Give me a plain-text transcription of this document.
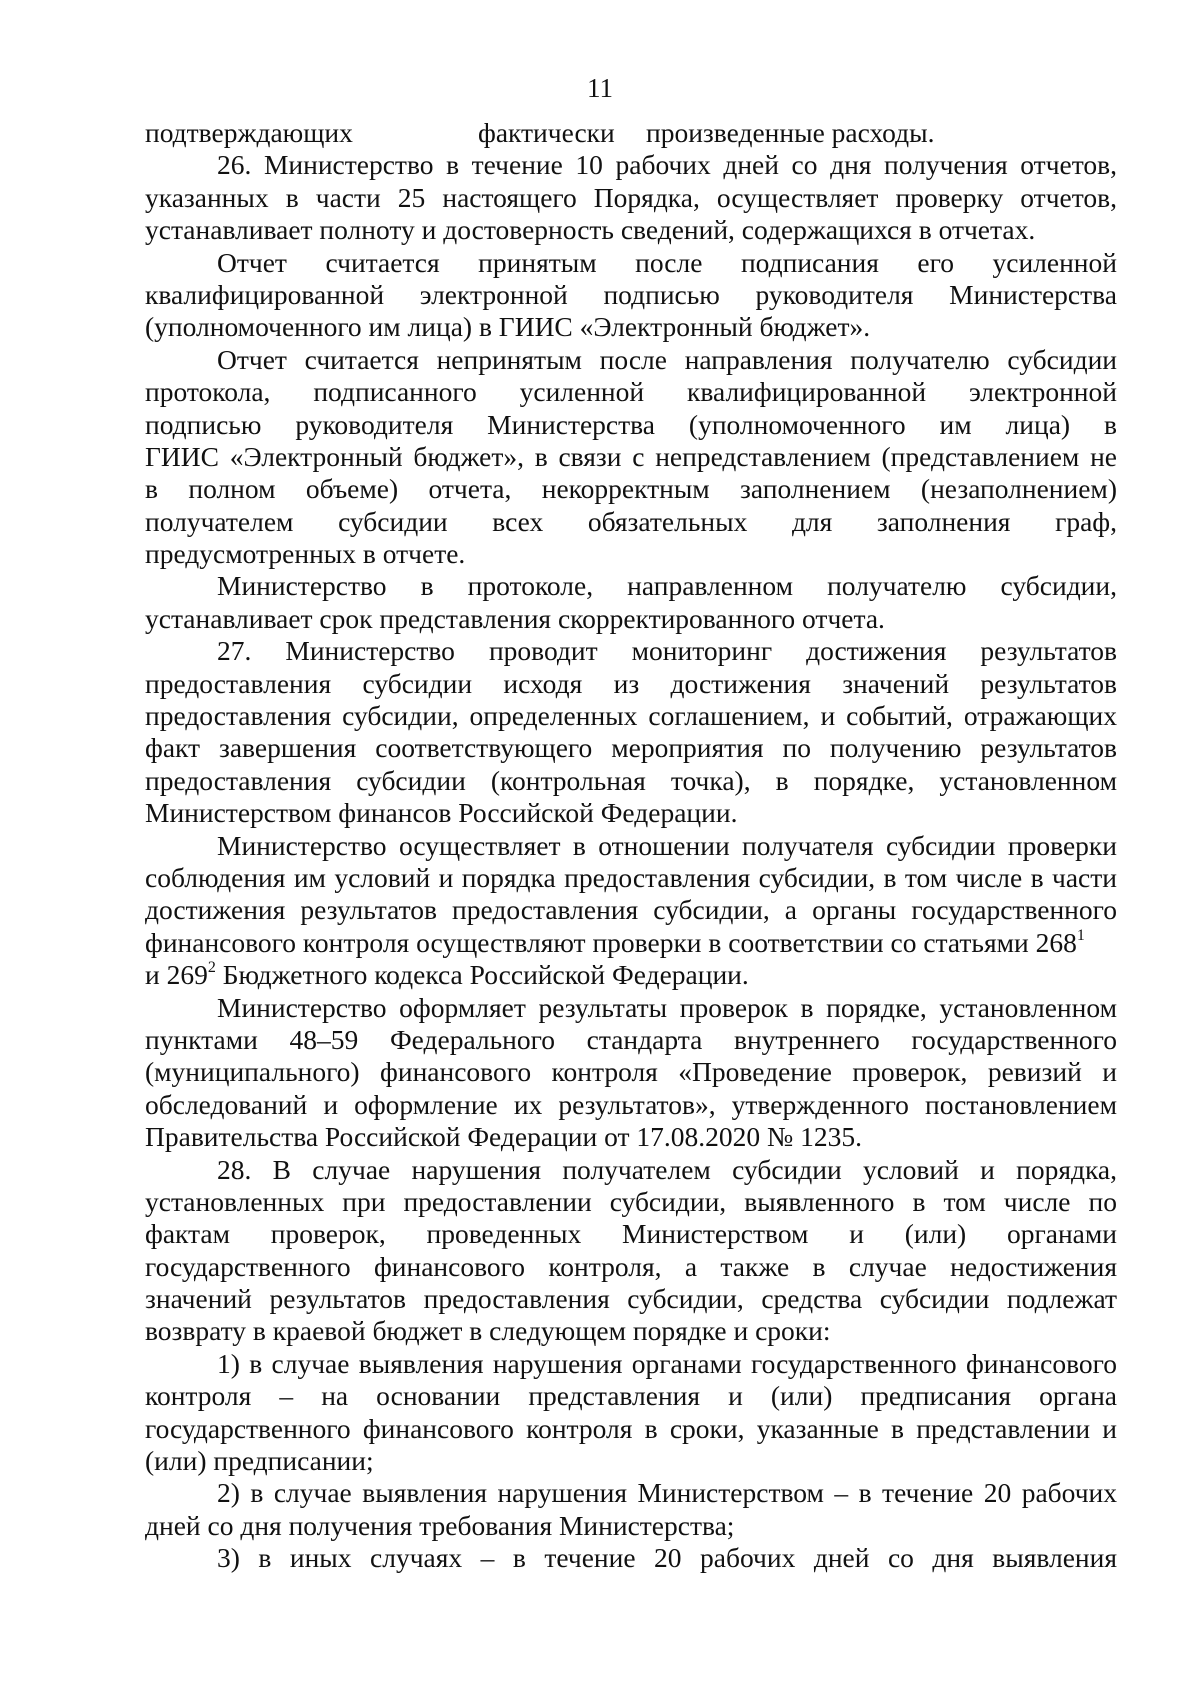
11
подтверждающих	фактически произведенные расходы.
26. Министерство в течение 10 рабочих дней со дня получения отчетов,
указанных в части 25 настоящего Порядка, осуществляет проверку отчетов,
устанавливает полноту и достоверность сведений, содержащихся в отчетах.
Отчет считается принятым после подписания его усиленной
квалифицированной электронной подписью руководителя Министерства
(уполномоченного им лица) в ГИИС «Электронный бюджет».
Отчет считается непринятым после направления получателю субсидии
протокола, подписанного усиленной квалифицированной электронной
подписью руководителя Министерства (уполномоченного им лица) в
ГИИС «Электронный бюджет», в связи с непредставлением (представлением не
в полном объеме) отчета, некорректным заполнением (незаполнением)
получателем субсидии всех обязательных для заполнения граф,
предусмотренных в отчете.
Министерство в протоколе, направленном получателю субсидии,
устанавливает срок представления скорректированного отчета.
27. Министерство проводит мониторинг достижения результатов
предоставления субсидии исходя из достижения значений результатов
предоставления субсидии, определенных соглашением, и событий, отражающих
факт завершения соответствующего мероприятия по получению результатов
предоставления субсидии (контрольная точка), в порядке, установленном
Министерством финансов Российской Федерации.
Министерство осуществляет в отношении получателя субсидии проверки
соблюдения им условий и порядка предоставления субсидии, в том числе в части
достижения результатов предоставления субсидии, а органы государственного
финансового контроля осуществляют проверки в соответствии со статьями $268^1$
и $269^2$ Бюджетного кодекса Российской Федерации.
Министерство оформляет результаты проверок в порядке, установленном
пунктами 48–59 Федерального стандарта внутреннего государственного
(муниципального) финансового контроля «Проведение проверок, ревизий и
обследований и оформление их результатов», утвержденного постановлением
Правительства Российской Федерации от 17.08.2020 № 1235.
28. В случае нарушения получателем субсидии условий и порядка,
установленных при предоставлении субсидии, выявленного в том числе по
фактам проверок, проведенных Министерством и (или) органами
государственного финансового контроля, а также в случае недостижения
значений результатов предоставления субсидии, средства субсидии подлежат
возврату в краевой бюджет в следующем порядке и сроки:
1) в случае выявления нарушения органами государственного финансового
контроля – на основании представления и (или) предписания органа
государственного финансового контроля в сроки, указанные в представлении и
(или) предписании;
2) в случае выявления нарушения Министерством – в течение 20 рабочих
дней со дня получения требования Министерства;
3) в иных случаях – в течение 20 рабочих дней со дня выявления
